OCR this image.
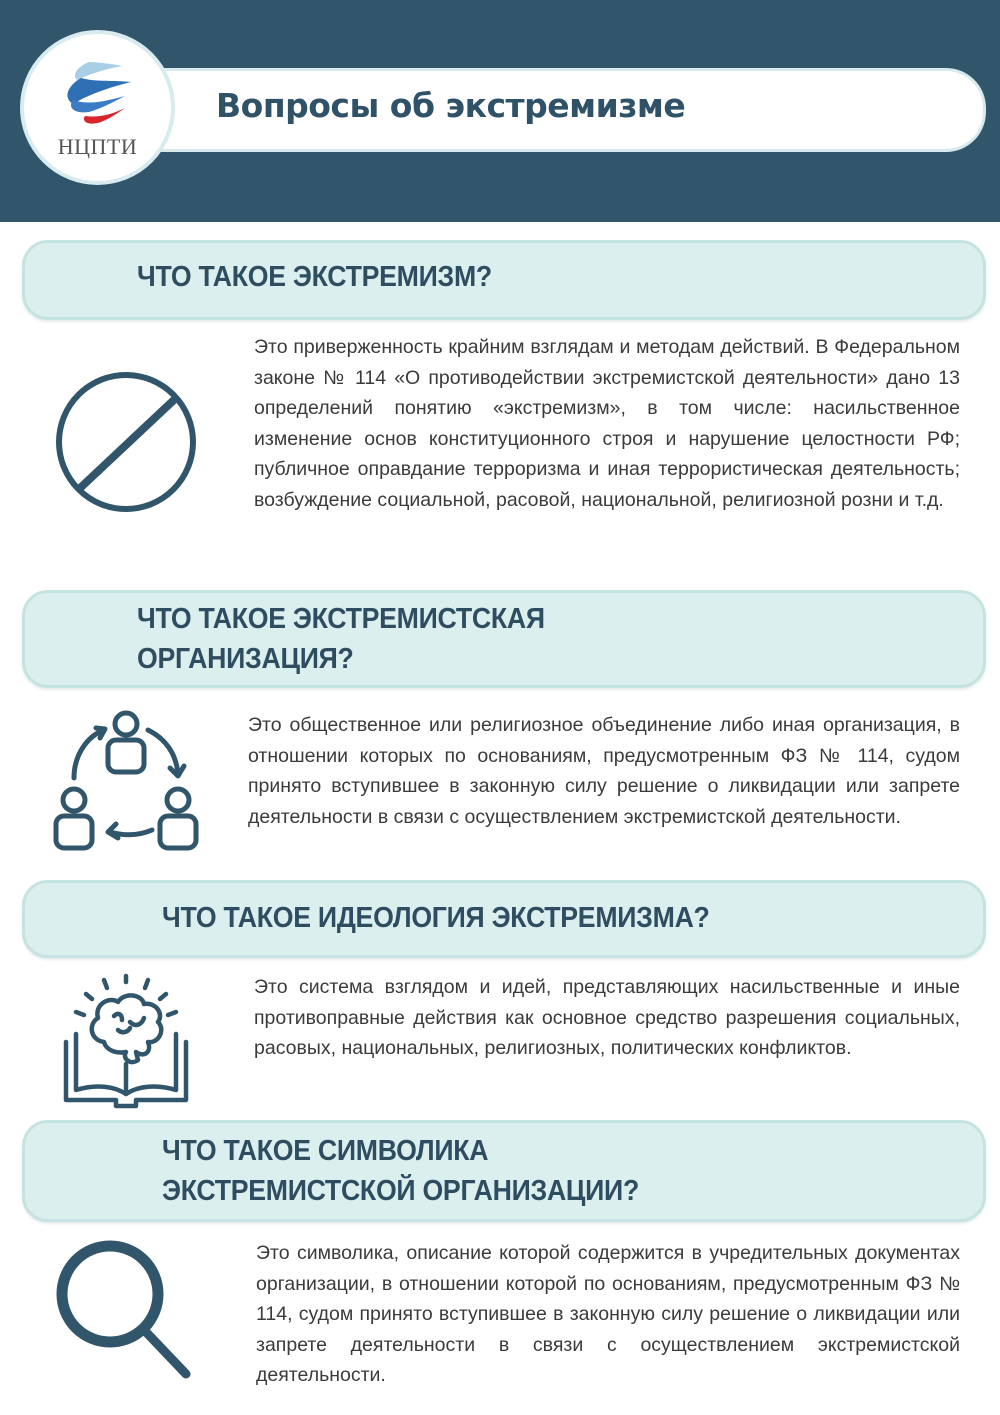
Вопросы об экстремизме
НЦПТИ
ЧТО ТАКОЕ ЭКСТРЕМИЗМ?
Это приверженность крайним взглядам и методам действий. В Федеральном законе № 114 «О противодействии экстремистской деятельности» дано 13 определений понятию «экстремизм», в том числе: насильственное изменение основ конституционного строя и нарушение целостности РФ; публичное оправдание терроризма и иная террористическая деятельность; возбуждение социальной, расовой, национальной, религиозной розни и т.д.
ЧТО ТАКОЕ ЭКСТРЕМИСТСКАЯ
ОРГАНИЗАЦИЯ?
Это общественное или религиозное объединение либо иная организация, в отношении которых по основаниям, предусмотренным ФЗ № 114, судом принято вступившее в законную силу решение о ликвидации или запрете деятельности в связи с осуществлением экстремистской деятельности.
ЧТО ТАКОЕ ИДЕОЛОГИЯ ЭКСТРЕМИЗМА?
Это система взглядом и идей, представляющих насильственные и иные противоправные действия как основное средство разрешения социальных, расовых, национальных, религиозных, политических конфликтов.
ЧТО ТАКОЕ СИМВОЛИКА
ЭКСТРЕМИСТСКОЙ ОРГАНИЗАЦИИ?
Это символика, описание которой содержится в учредительных документах организации, в отношении которой по основаниям, предусмотренным ФЗ № 114, судом принято вступившее в законную силу решение о ликвидации или запрете деятельности в связи с осуществлением экстремистской деятельности.
